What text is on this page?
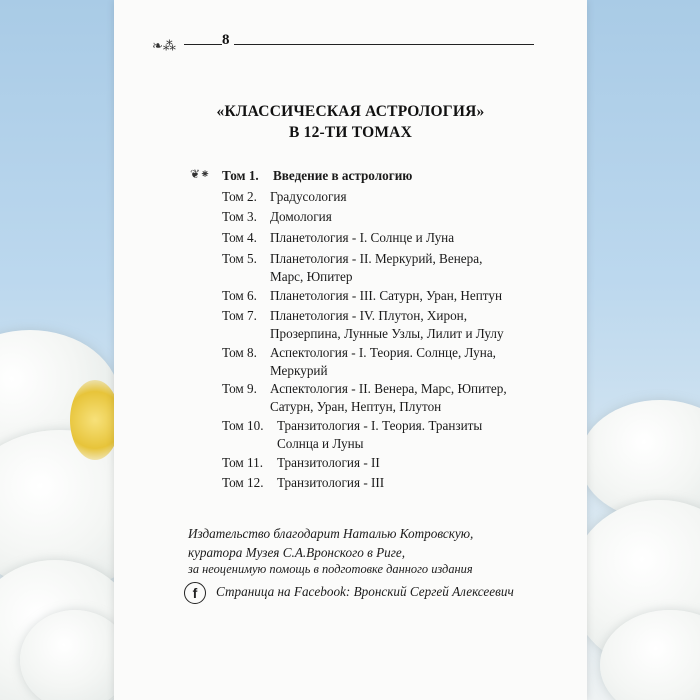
❧⁂	8
«КЛАССИЧЕСКАЯ АСТРОЛОГИЯ»
В 12-ТИ ТОМАХ
❦⁕ Том 1. Введение в астрологию
Том 2. Градусология
Том 3. Домология
Том 4. Планетология - I. Солнце и Луна
Том 5. Планетология - II. Меркурий, Венера,
Марс, Юпитер
Том 6. Планетология - III. Сатурн, Уран, Нептун
Том 7. Планетология - IV. Плутон, Хирон,
Прозерпина, Лунные Узлы, Лилит и Лулу
Том 8. Аспектология - I. Теория. Солнце, Луна,
Меркурий
Том 9. Аспектология - II. Венера, Марс, Юпитер,
Сатурн, Уран, Нептун, Плутон
Том 10. Транзитология - I. Теория. Транзиты
Солнца и Луны
Том 11. Транзитология - II
Том 12. Транзитология - III
Издательство благодарит Наталью Котровскую,
куратора Музея С.А.Вронского в Риге,
за неоценимую помощь в подготовке данного издания
f	Страница на Facebook: Вронский Сергей Алексеевич
